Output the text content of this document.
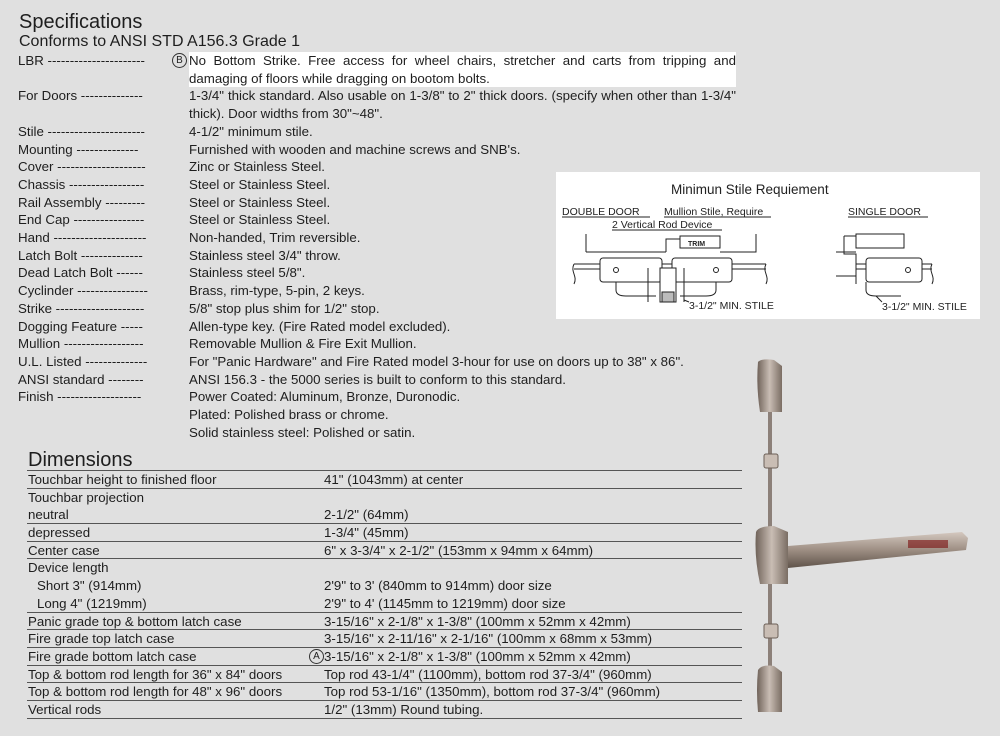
Specifications
Conforms to ANSI STD A156.3 Grade 1
LBR ----------------------	B No Bottom Strike. Free access for wheel chairs, stretcher and carts from tripping and damaging of floors while dragging on bootom bolts.
For Doors --------------	1-3/4" thick standard. Also usable on 1-3/8" to 2" thick doors. (specify when other than 1-3/4" thick). Door widths from 30"~48".
Stile ----------------------	4-1/2" minimum stile.
Mounting --------------	Furnished with wooden and machine screws and SNB's.
Cover --------------------	Zinc or Stainless Steel.
Chassis -----------------	Steel or Stainless Steel.
Rail Assembly ---------	Steel or Stainless Steel.
End Cap ----------------	Steel or Stainless Steel.
Hand ---------------------	Non-handed, Trim reversible.
Latch Bolt --------------	Stainless steel 3/4" throw.
Dead Latch Bolt ------	Stainless steel 5/8".
Cyclinder ----------------	Brass, rim-type, 5-pin, 2 keys.
Strike --------------------	5/8" stop plus shim for 1/2" stop.
Dogging Feature -----	Allen-type key. (Fire Rated model excluded).
Mullion ------------------	Removable Mullion & Fire Exit Mullion.
U.L. Listed --------------	For "Panic Hardware" and Fire Rated model 3-hour for use on doors up to 38" x 86".
ANSI standard --------	ANSI 156.3 - the 5000 series is built to conform to this standard.
Finish -------------------	Power Coated: Aluminum, Bronze, Duronodic.
Plated: Polished brass or chrome.
Solid stainless steel: Polished or satin.
Minimun Stile Requiement
DOUBLE DOOR Mullion Stile, Require
2 Vertical Rod Device
SINGLE DOOR
3-1/2" MIN. STILE	3-1/2" MIN. STILE
TRIM
Dimensions
Touchbar height to finished floor	41" (1043mm) at center
Touchbar projection
neutral	2-1/2" (64mm)
depressed	1-3/4" (45mm)
Center case	6" x 3-3/4" x 2-1/2" (153mm x 94mm x 64mm)
Device length
Short 3" (914mm)	2'9" to 3' (840mm to 914mm) door size
Long 4" (1219mm)	2'9" to 4' (1145mm to 1219mm) door size
Panic grade top & bottom latch case	3-15/16" x 2-1/8" x 1-3/8" (100mm x 52mm x 42mm)
Fire grade top latch case	3-15/16" x 2-11/16" x 2-1/16" (100mm x 68mm x 53mm)
Fire grade bottom latch case	A 3-15/16" x 2-1/8" x 1-3/8" (100mm x 52mm x 42mm)
Top & bottom rod length for 36" x 84" doors	Top rod 43-1/4" (1100mm), bottom rod 37-3/4" (960mm)
Top & bottom rod length for 48" x 96" doors	Top rod 53-1/16" (1350mm), bottom rod 37-3/4" (960mm)
Vertical rods	1/2" (13mm) Round tubing.
